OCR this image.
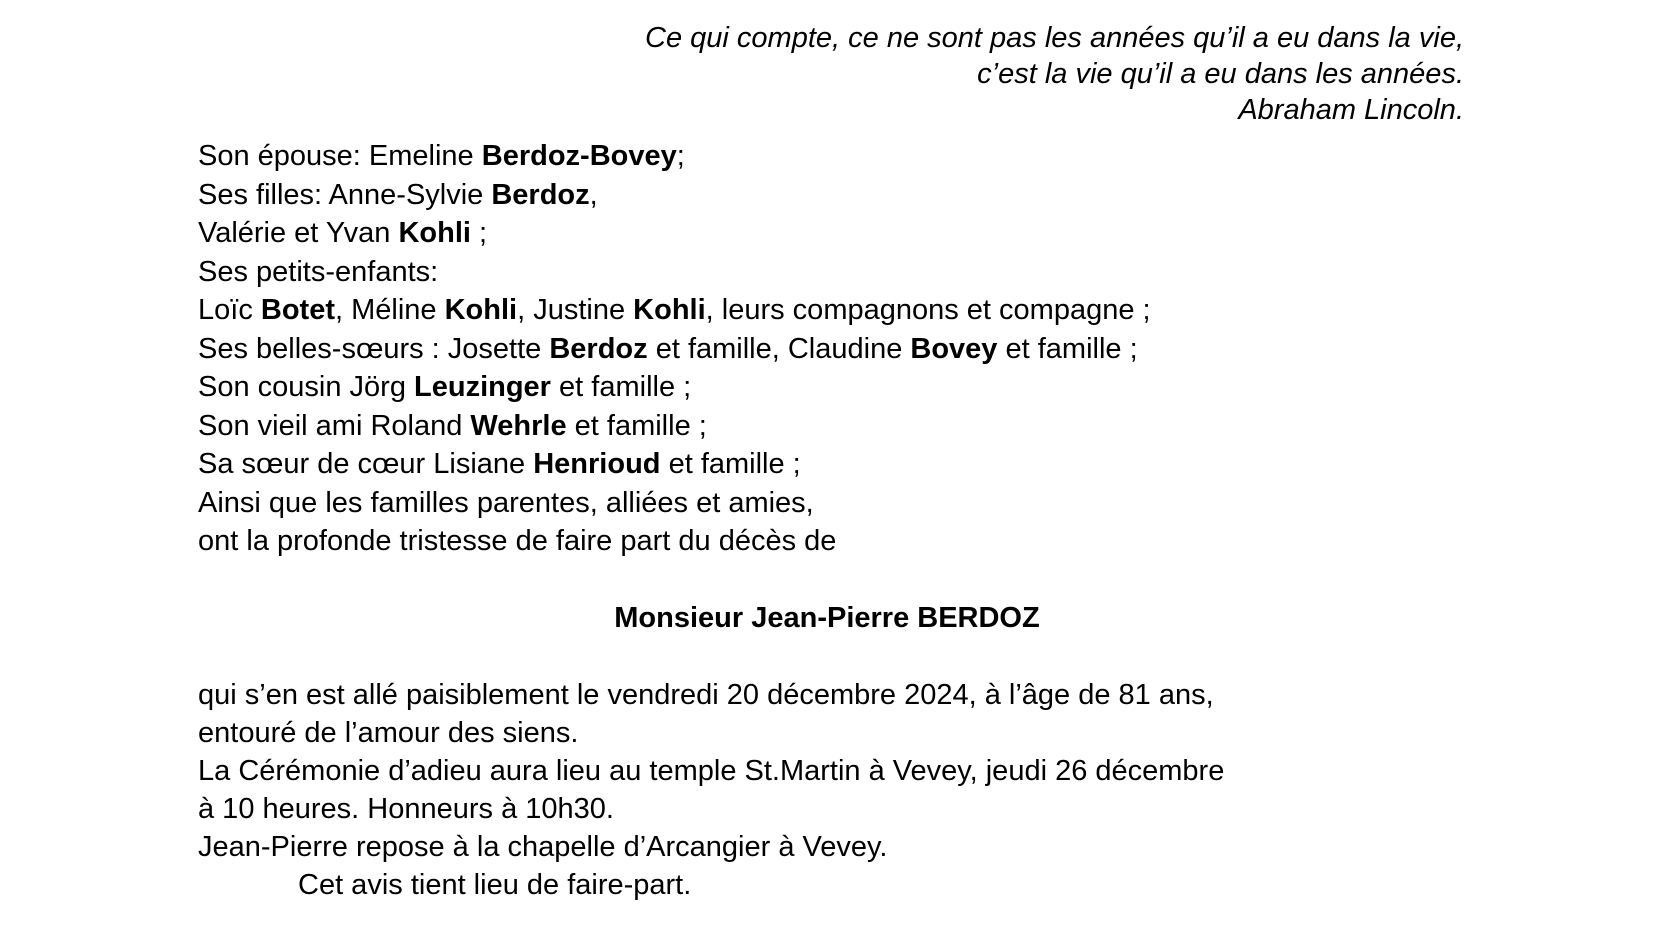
Ce qui compte, ce ne sont pas les années qu’il a eu dans la vie,
c’est la vie qu’il a eu dans les années.
Abraham Lincoln.
Son épouse: Emeline Berdoz-Bovey;
Ses filles: Anne-Sylvie Berdoz,
Valérie et Yvan Kohli ;
Ses petits-enfants:
Loïc Botet, Méline Kohli, Justine Kohli, leurs compagnons et compagne ;
Ses belles-sœurs : Josette Berdoz et famille, Claudine Bovey et famille ;
Son cousin Jörg Leuzinger et famille ;
Son vieil ami Roland Wehrle et famille ;
Sa sœur de cœur Lisiane Henrioud et famille ;
Ainsi que les familles parentes, alliées et amies,
ont la profonde tristesse de faire part du décès de
Monsieur Jean-Pierre BERDOZ
qui s’en est allé paisiblement le vendredi 20 décembre 2024, à l’âge de 81 ans,
entouré de l’amour des siens.
La Cérémonie d’adieu aura lieu au temple St.Martin à Vevey, jeudi 26 décembre
à 10 heures. Honneurs à 10h30.
Jean-Pierre repose à la chapelle d’Arcangier à Vevey.
Cet avis tient lieu de faire-part.
